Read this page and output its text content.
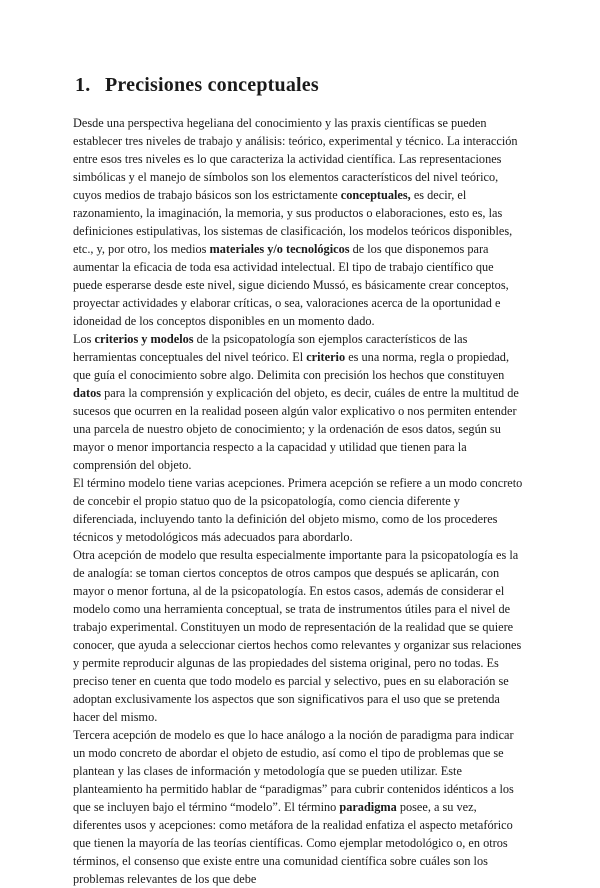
1. Precisiones conceptuales

Desde una perspectiva hegeliana del conocimiento y las praxis científicas se pueden establecer tres niveles de trabajo y análisis: teórico, experimental y técnico. La interacción entre esos tres niveles es lo que caracteriza la actividad científica. Las representaciones simbólicas y el manejo de símbolos son los elementos característicos del nivel teórico, cuyos medios de trabajo básicos son los estrictamente conceptuales, es decir, el razonamiento, la imaginación, la memoria, y sus productos o elaboraciones, esto es, las definiciones estipulativas, los sistemas de clasificación, los modelos teóricos disponibles, etc., y, por otro, los medios materiales y/o tecnológicos de los que disponemos para aumentar la eficacia de toda esa actividad intelectual. El tipo de trabajo científico que puede esperarse desde este nivel, sigue diciendo Mussó, es básicamente crear conceptos, proyectar actividades y elaborar críticas, o sea, valoraciones acerca de la oportunidad e idoneidad de los conceptos disponibles en un momento dado.

Los criterios y modelos de la psicopatología son ejemplos característicos de las herramientas conceptuales del nivel teórico. El criterio es una norma, regla o propiedad, que guía el conocimiento sobre algo. Delimita con precisión los hechos que constituyen datos para la comprensión y explicación del objeto, es decir, cuáles de entre la multitud de sucesos que ocurren en la realidad poseen algún valor explicativo o nos permiten entender una parcela de nuestro objeto de conocimiento; y la ordenación de esos datos, según su mayor o menor importancia respecto a la capacidad y utilidad que tienen para la comprensión del objeto.

El término modelo tiene varias acepciones. Primera acepción se refiere a un modo concreto de concebir el propio statuo quo de la psicopatología, como ciencia diferente y diferenciada, incluyendo tanto la definición del objeto mismo, como de los procederes técnicos y metodológicos más adecuados para abordarlo.

Otra acepción de modelo que resulta especialmente importante para la psicopatología es la de analogía: se toman ciertos conceptos de otros campos que después se aplicarán, con mayor o menor fortuna, al de la psicopatología. En estos casos, además de considerar el modelo como una herramienta conceptual, se trata de instrumentos útiles para el nivel de trabajo experimental. Constituyen un modo de representación de la realidad que se quiere conocer, que ayuda a seleccionar ciertos hechos como relevantes y organizar sus relaciones y permite reproducir algunas de las propiedades del sistema original, pero no todas. Es preciso tener en cuenta que todo modelo es parcial y selectivo, pues en su elaboración se adoptan exclusivamente los aspectos que son significativos para el uso que se pretenda hacer del mismo.

Tercera acepción de modelo es que lo hace análogo a la noción de paradigma para indicar un modo concreto de abordar el objeto de estudio, así como el tipo de problemas que se plantean y las clases de información y metodología que se pueden utilizar. Este planteamiento ha permitido hablar de “paradigmas” para cubrir contenidos idénticos a los que se incluyen bajo el término “modelo”. El término paradigma posee, a su vez, diferentes usos y acepciones: como metáfora de la realidad enfatiza el aspecto metafórico que tienen la mayoría de las teorías científicas. Como ejemplar metodológico o, en otros términos, el consenso que existe entre una comunidad científica sobre cuáles son los problemas relevantes de los que debe
